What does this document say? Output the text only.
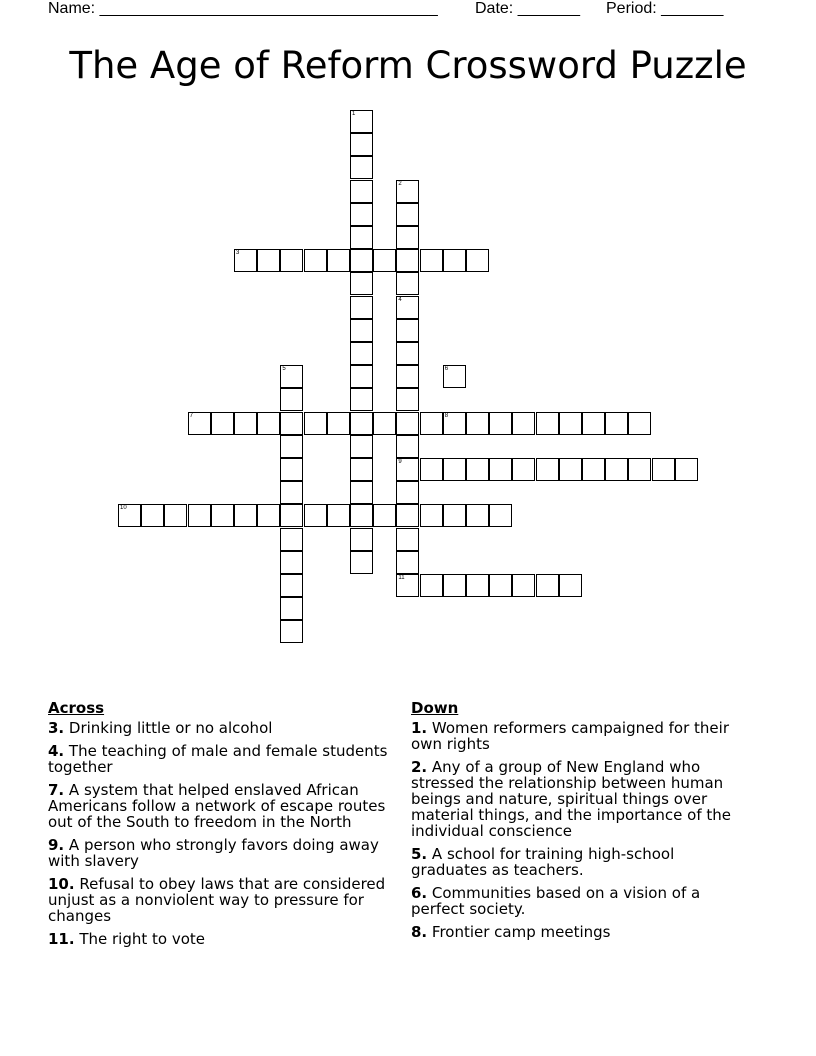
Name: ______________________________________

Date: _______

Period: _______

The Age of Reform Crossword Puzzle
1
2
4
9
3
5	6
7	8
10
11
Across
3. Drinking little or no alcohol
4. The teaching of male and female students together
7. A system that helped enslaved African Americans follow a network of escape routes out of the South to freedom in the North
9. A person who strongly favors doing away with slavery
10. Refusal to obey laws that are considered unjust as a nonviolent way to pressure for changes
11. The right to vote
Down
1. Women reformers campaigned for their own rights
2. Any of a group of New England who stressed the relationship between human beings and nature, spiritual things over material things, and the importance of the individual conscience
5. A school for training high-school graduates as teachers.
6. Communities based on a vision of a perfect society.
8. Frontier camp meetings
